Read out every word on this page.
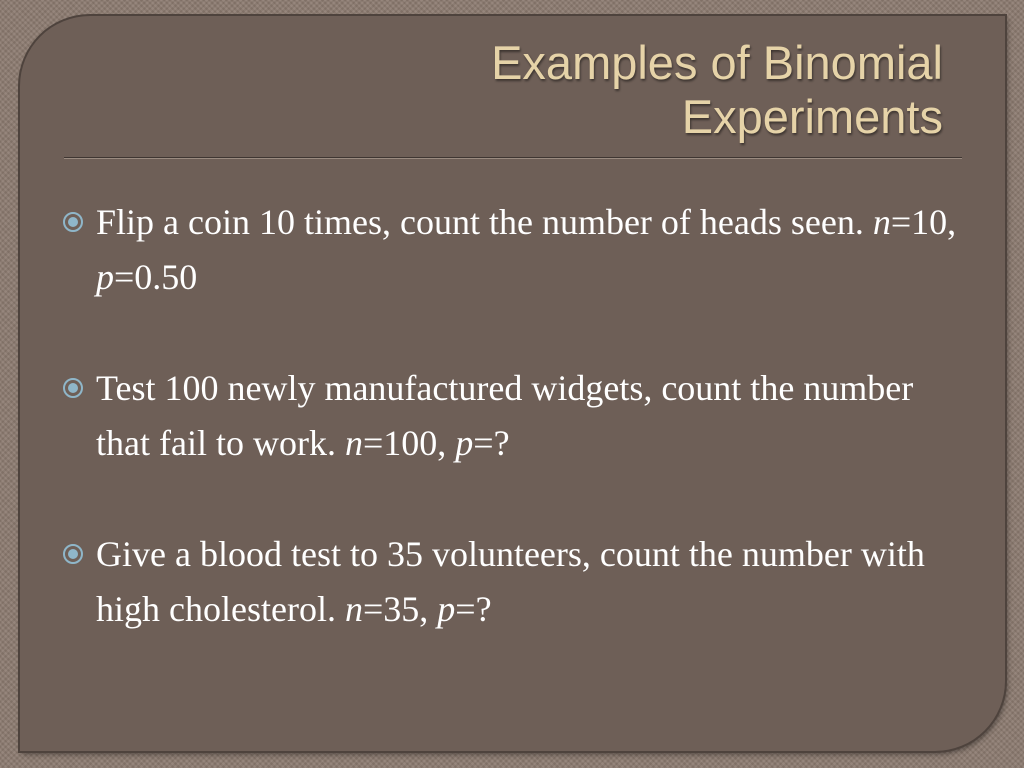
Examples of Binomial
Experiments
Flip a coin 10 times, count the number of heads seen. n=10, p=0.50
Test 100 newly manufactured widgets, count the number that fail to work. n=100, p=?
Give a blood test to 35 volunteers, count the number with high cholesterol. n=35, p=?
